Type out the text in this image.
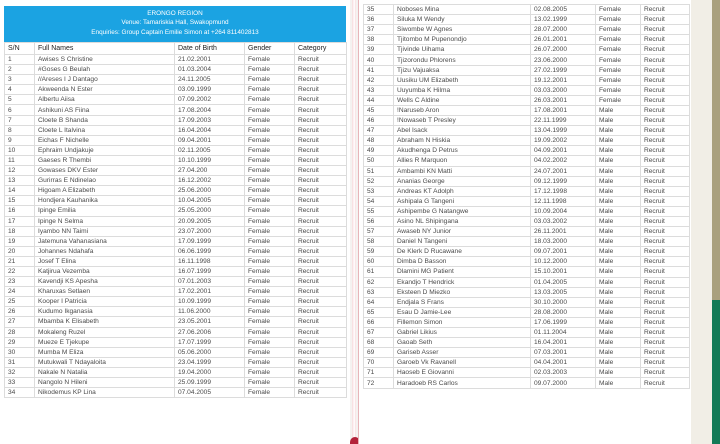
ERONGO REGION
Venue: Tamariskia Hall, Swakopmund
Enquiries: Group Captain Emilie Simon at +264 811402813
S/N	Full Names	Date of Birth	Gender	Category
1	Awises S Christine	21.02.2001	Female	Recruit
2	#Goses G Beulah	01.03.2004	Female	Recruit
3	//Areses I J Dantago	24.11.2005	Female	Recruit
4	Akweenda N Ester	03.09.1999	Female	Recruit
5	Albertu Aiisa	07.09.2002	Female	Recruit
6	Ashikuni AS Fiina	17.08.2004	Female	Recruit
7	Cloete B Shanda	17.09.2003	Female	Recruit
8	Cloete L Italvina	16.04.2004	Female	Recruit
9	Eichas F Nichelle	09.04.2001	Female	Recruit
10	Ephraim Undjakuje	02.11.2005	Female	Recruit
11	Gaeses R Thembi	10.10.1999	Female	Recruit
12	Gowases DKV Ester	27.04.200	Female	Recruit
13	Gurirras E Ndinelao	16.12.2002	Female	Recruit
14	Higoam A Elizabeth	25.06.2000	Female	Recruit
15	Hondjera Kauhanika	10.04.2005	Female	Recruit
16	Ipinge Emilia	25.05.2000	Female	Recruit
17	Ipinge N Selma	20.09.2005	Female	Recruit
18	Iyambo NN Taimi	23.07.2000	Female	Recruit
19	Jatemuna Vahanasiana	17.09.1999	Female	Recruit
20	Johannes Ndahafa	06.06.1999	Female	Recruit
21	Josef T Elina	16.11.1998	Female	Recruit
22	Katjirua Vezemba	16.07.1999	Female	Recruit
23	Kavendji KS Apesha	07.01.2003	Female	Recruit
24	Kharuxas Setlaen	17.02.2001	Female	Recruit
25	Kooper I Patricia	10.09.1999	Female	Recruit
26	Kudumo Ikganasia	11.06.2000	Female	Recruit
27	Mbamba K Elisabeth	23.05.2001	Female	Recruit
28	Mokaleng Ruzel	27.06.2006	Female	Recruit
29	Mueze E Tjekupe	17.07.1999	Female	Recruit
30	Mumba M Eliza	05.06.2000	Female	Recruit
31	Mutukwali T Ndayaloita	23.04.1999	Female	Recruit
32	Nakale N Natalia	19.04.2000	Female	Recruit
33	Nangolo N Hileni	25.09.1999	Female	Recruit
34	Nikodemus KP Lina	07.04.2005	Female	Recruit
35	Noboses Mina	02.08.2005	Female	Recruit
36	Siluka M Wendy	13.02.1999	Female	Recruit
37	Siwombe W Agnes	28.07.2000	Female	Recruit
38	Tjitombo M Pupenondjo	26.01.2001	Female	Recruit
39	Tjivinde Uihama	26.07.2000	Female	Recruit
40	Tjizorondu Phlorens	23.06.2000	Female	Recruit
41	Tjizu Vajuaksa	27.02.1999	Female	Recruit
42	Uusiku UM Elizabeth	19.12.2001	Female	Recruit
43	Uuyumba K Hilma	03.03.2000	Female	Recruit
44	Wells C Aldine	26.03.2001	Female	Recruit
45	!Naruseb Aron	17.08.2001	Male	Recruit
46	!Nowaseb T Presley	22.11.1999	Male	Recruit
47	Abel Isack	13.04.1999	Male	Recruit
48	Abraham N Hiskia	19.09.2002	Male	Recruit
49	Akudhenga D Petrus	04.09.2001	Male	Recruit
50	Allies R Marquon	04.02.2002	Male	Recruit
51	Ambambi KN Matti	24.07.2001	Male	Recruit
52	Ananias George	09.12.1999	Male	Recruit
53	Andreas KT Adolph	17.12.1998	Male	Recruit
54	Ashipala G Tangeni	12.11.1998	Male	Recruit
55	Ashipembe G Natangwe	10.09.2004	Male	Recruit
56	Asino NL Shipingana	03.03.2002	Male	Recruit
57	Awaseb NY Junior	26.11.2001	Male	Recruit
58	Daniel N Tangeni	18.03.2000	Male	Recruit
59	De Klerk D Rucawane	09.07.2001	Male	Recruit
60	Dimba D Basson	10.12.2000	Male	Recruit
61	Dlamini MG Patient	15.10.2001	Male	Recruit
62	Ekandjo T Hendrick	01.04.2005	Male	Recruit
63	Eksteen D Miezko	13.03.2005	Male	Recruit
64	Endjala S Frans	30.10.2000	Male	Recruit
65	Esau D Jamie-Lee	28.08.2000	Male	Recruit
66	Fillemon Simon	17.06.1999	Male	Recruit
67	Gabriel Likius	01.11.2004	Male	Recruit
68	Gaoab Seth	16.04.2001	Male	Recruit
69	Gariseb Asser	07.03.2001	Male	Recruit
70	Garoeb Vk Ravanell	04.04.2001	Male	Recruit
71	Haoseb E Giovanni	02.03.2003	Male	Recruit
72	Haradoeb RS Carlos	09.07.2000	Male	Recruit
